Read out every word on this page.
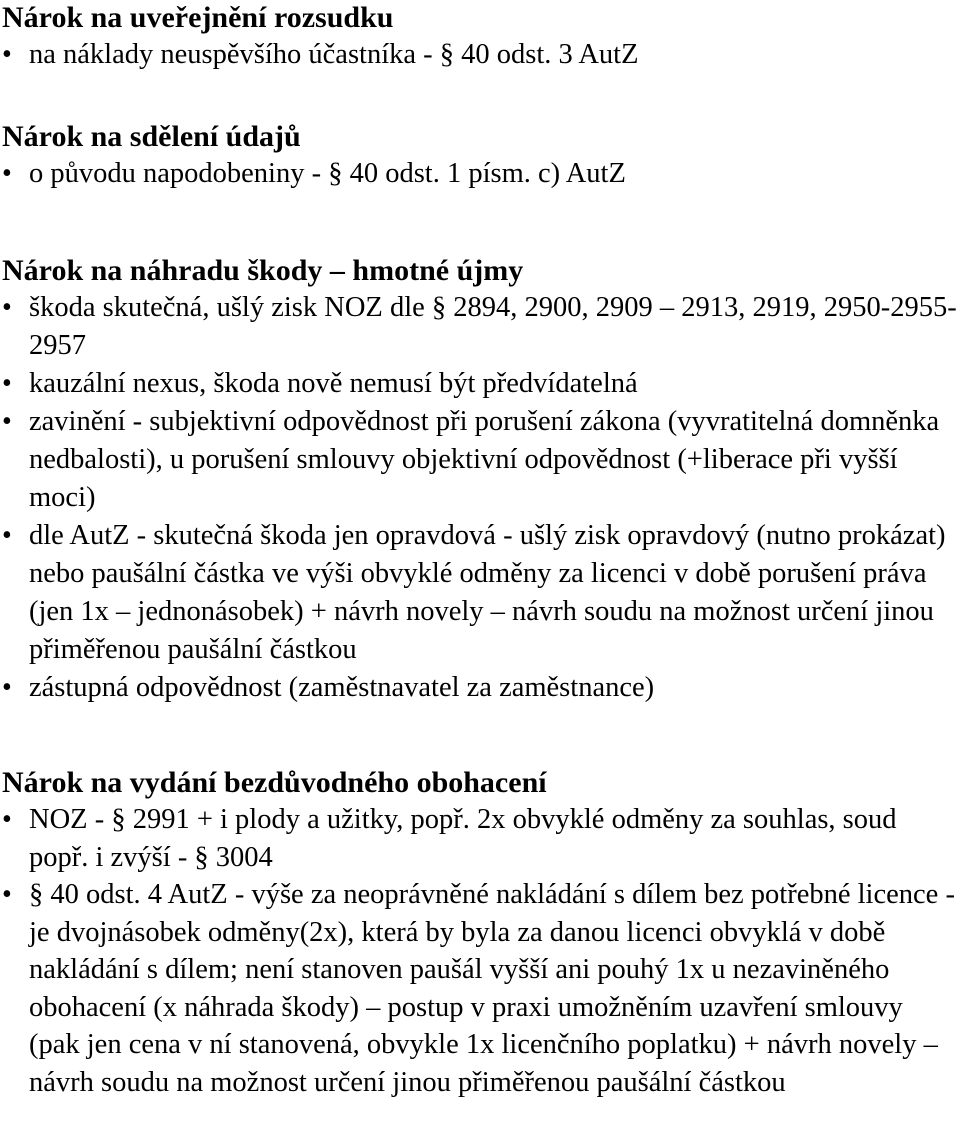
Nárok na uveřejnění rozsudku
• na náklady neuspěvšího účastníka - § 40 odst. 3 AutZ
Nárok na sdělení údajů
• o původu napodobeniny - § 40 odst. 1 písm. c) AutZ
Nárok na náhradu škody – hmotné újmy
• škoda skutečná, ušlý zisk NOZ dle § 2894, 2900, 2909 – 2913, 2919, 2950-2955-2957
• kauzální nexus, škoda nově nemusí být předvídatelná
• zavinění - subjektivní odpovědnost při porušení zákona (vyvratitelná domněnka nedbalosti), u porušení smlouvy objektivní odpovědnost (+liberace při vyšší moci)
• dle AutZ - skutečná škoda jen opravdová - ušlý zisk opravdový (nutno prokázat) nebo paušální částka ve výši obvyklé odměny za licenci v době porušení práva (jen 1x – jednonásobek) + návrh novely – návrh soudu na možnost určení jinou přiměřenou paušální částkou
• zástupná odpovědnost (zaměstnavatel za zaměstnance)
Nárok na vydání bezdůvodného obohacení
• NOZ - § 2991 + i plody a užitky, popř. 2x obvyklé odměny za souhlas, soud popř. i zvýší - § 3004
• § 40 odst. 4 AutZ - výše za neoprávněné nakládání s dílem bez potřebné licence - je dvojnásobek odměny(2x), která by byla za danou licenci obvyklá v době nakládání s dílem; není stanoven paušál vyšší ani pouhý 1x u nezaviněného obohacení (x náhrada škody) – postup v praxi umožněním uzavření smlouvy (pak jen cena v ní stanovená, obvykle 1x licenčního poplatku) + návrh novely – návrh soudu na možnost určení jinou přiměřenou paušální částkou
